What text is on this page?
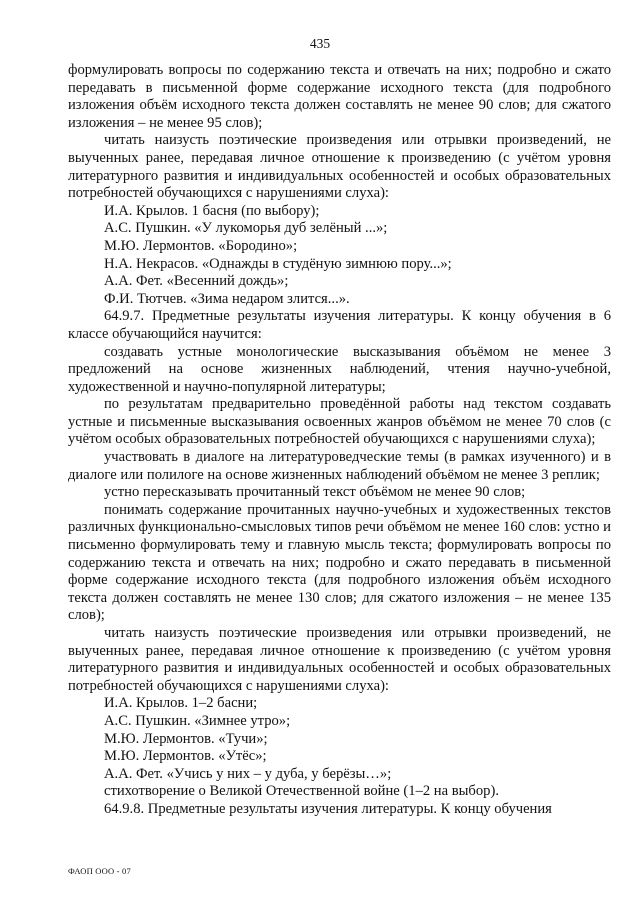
435

формулировать вопросы по содержанию текста и отвечать на них; подробно и сжато передавать в письменной форме содержание исходного текста (для подробного изложения объём исходного текста должен составлять не менее 90 слов; для сжатого изложения – не менее 95 слов);

читать наизусть поэтические произведения или отрывки произведений, не выученных ранее, передавая личное отношение к произведению (с учётом уровня литературного развития и индивидуальных особенностей и особых образовательных потребностей обучающихся с нарушениями слуха):

И.А. Крылов. 1 басня (по выбору);

А.С. Пушкин. «У лукоморья дуб зелёный ...»;

М.Ю. Лермонтов. «Бородино»;

Н.А. Некрасов. «Однажды в студёную зимнюю пору...»;

А.А. Фет. «Весенний дождь»;

Ф.И. Тютчев. «Зима недаром злится...».

64.9.7. Предметные результаты изучения литературы. К концу обучения в 6 классе обучающийся научится:

создавать устные монологические высказывания объёмом не менее 3 предложений на основе жизненных наблюдений, чтения научно-учебной, художественной и научно-популярной литературы;

по результатам предварительно проведённой работы над текстом создавать устные и письменные высказывания освоенных жанров объёмом не менее 70 слов (с учётом особых образовательных потребностей обучающихся с нарушениями слуха);

участвовать в диалоге на литературоведческие темы (в рамках изученного) и в диалоге или полилоге на основе жизненных наблюдений объёмом не менее 3 реплик;

устно пересказывать прочитанный текст объёмом не менее 90 слов;

понимать содержание прочитанных научно-учебных и художественных текстов различных функционально-смысловых типов речи объёмом не менее 160 слов: устно и письменно формулировать тему и главную мысль текста; формулировать вопросы по содержанию текста и отвечать на них; подробно и сжато передавать в письменной форме содержание исходного текста (для подробного изложения объём исходного текста должен составлять не менее 130 слов; для сжатого изложения – не менее 135 слов);

читать наизусть поэтические произведения или отрывки произведений, не выученных ранее, передавая личное отношение к произведению (с учётом уровня литературного развития и индивидуальных особенностей и особых образовательных потребностей обучающихся с нарушениями слуха):

И.А. Крылов. 1–2 басни;

А.С. Пушкин. «Зимнее утро»;

М.Ю. Лермонтов. «Тучи»;

М.Ю. Лермонтов. «Утёс»;

А.А. Фет. «Учись у них – у дуба, у берёзы…»;

стихотворение о Великой Отечественной войне (1–2 на выбор).

64.9.8. Предметные результаты изучения литературы. К концу обучения

ФАОП ООО - 07
